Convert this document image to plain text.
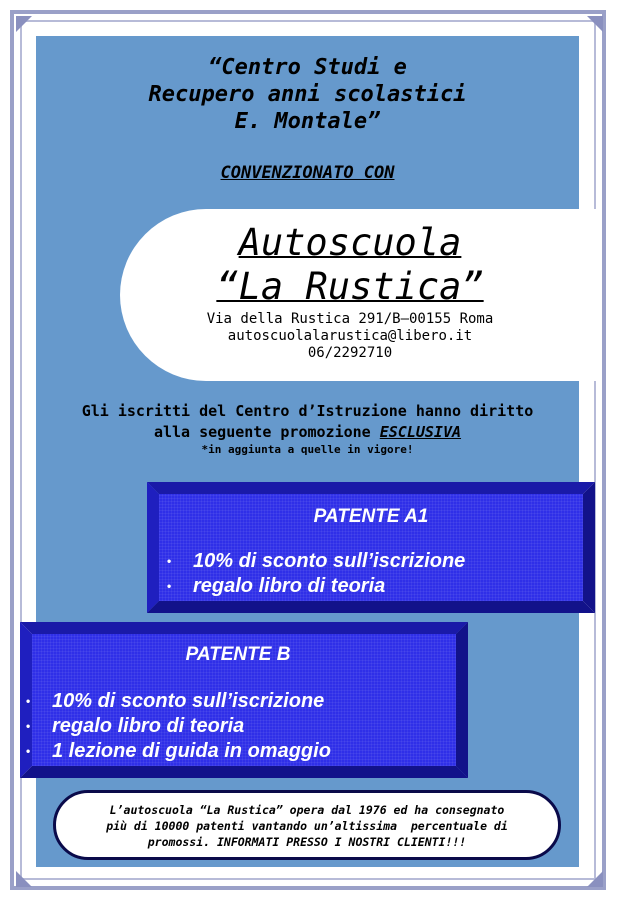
“Centro Studi e
Recupero anni scolastici
E. Montale”
CONVENZIONATO CON
Autoscuola
“La Rustica”
Via della Rustica 291/B–00155 Roma
autoscuolalarustica@libero.it
06/2292710
Gli iscritti del Centro d’Istruzione hanno diritto
alla seguente promozione ESCLUSIVA
*in aggiunta a quelle in vigore!
PATENTE A1
• 10% di sconto sull’iscrizione
• regalo libro di teoria
PATENTE B
• 10% di sconto sull’iscrizione
• regalo libro di teoria
• 1 lezione di guida in omaggio
L’autoscuola “La Rustica” opera dal 1976 ed ha consegnato
più di 10000 patenti vantando un’altissima  percentuale di
promossi. INFORMATI PRESSO I NOSTRI CLIENTI!!!
